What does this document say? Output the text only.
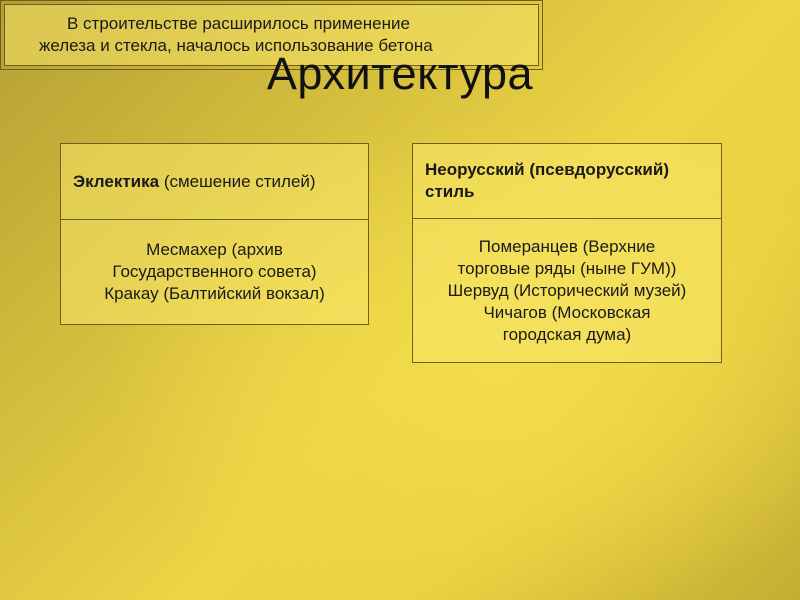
Архитектура
Эклектика (смешение стилей)
Месмахер (архив
Государственного совета)
Кракау (Балтийский вокзал)
Неорусский (псевдорусский)
стиль
Померанцев (Верхние
торговые ряды (ныне ГУМ))
Шервуд (Исторический музей)
Чичагов (Московская
городская дума)
В строительстве расширилось применение
железа и стекла, началось использование бетона
